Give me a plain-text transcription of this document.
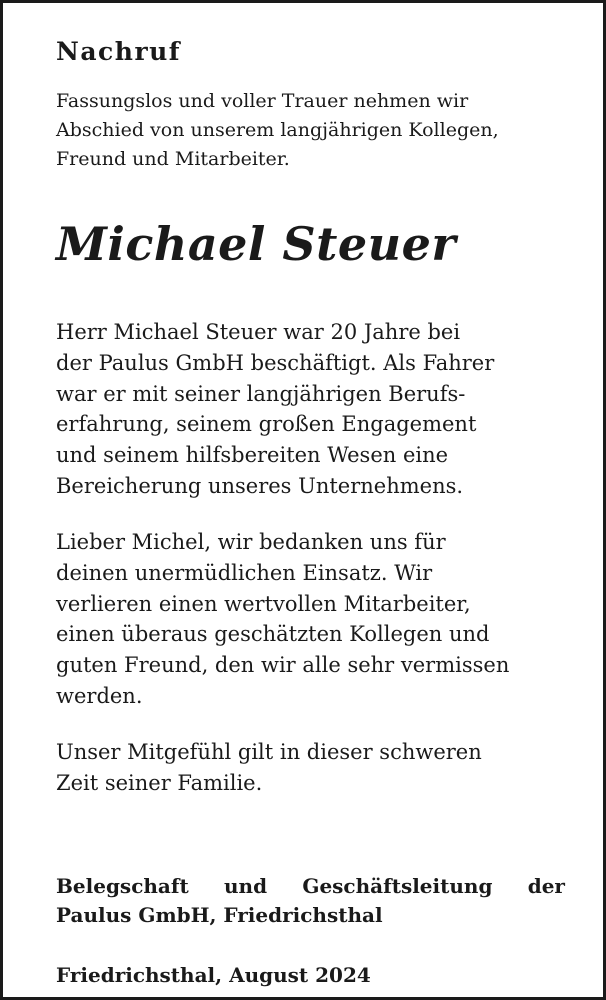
Nachruf

Fassungslos und voller Trauer nehmen wir
Abschied von unserem langjährigen Kollegen,
Freund und Mitarbeiter.

Michael Steuer

Herr Michael Steuer war 20 Jahre bei
der Paulus GmbH beschäftigt. Als Fahrer
war er mit seiner langjährigen Berufs-
erfahrung, seinem großen Engagement
und seinem hilfsbereiten Wesen eine
Bereicherung unseres Unternehmens.

Lieber Michel, wir bedanken uns für
deinen unermüdlichen Einsatz. Wir
verlieren einen wertvollen Mitarbeiter,
einen überaus geschätzten Kollegen und
guten Freund, den wir alle sehr vermissen
werden.

Unser Mitgefühl gilt in dieser schweren
Zeit seiner Familie.

Belegschaft und Geschäftsleitung der
Paulus GmbH, Friedrichsthal

Friedrichsthal, August 2024
